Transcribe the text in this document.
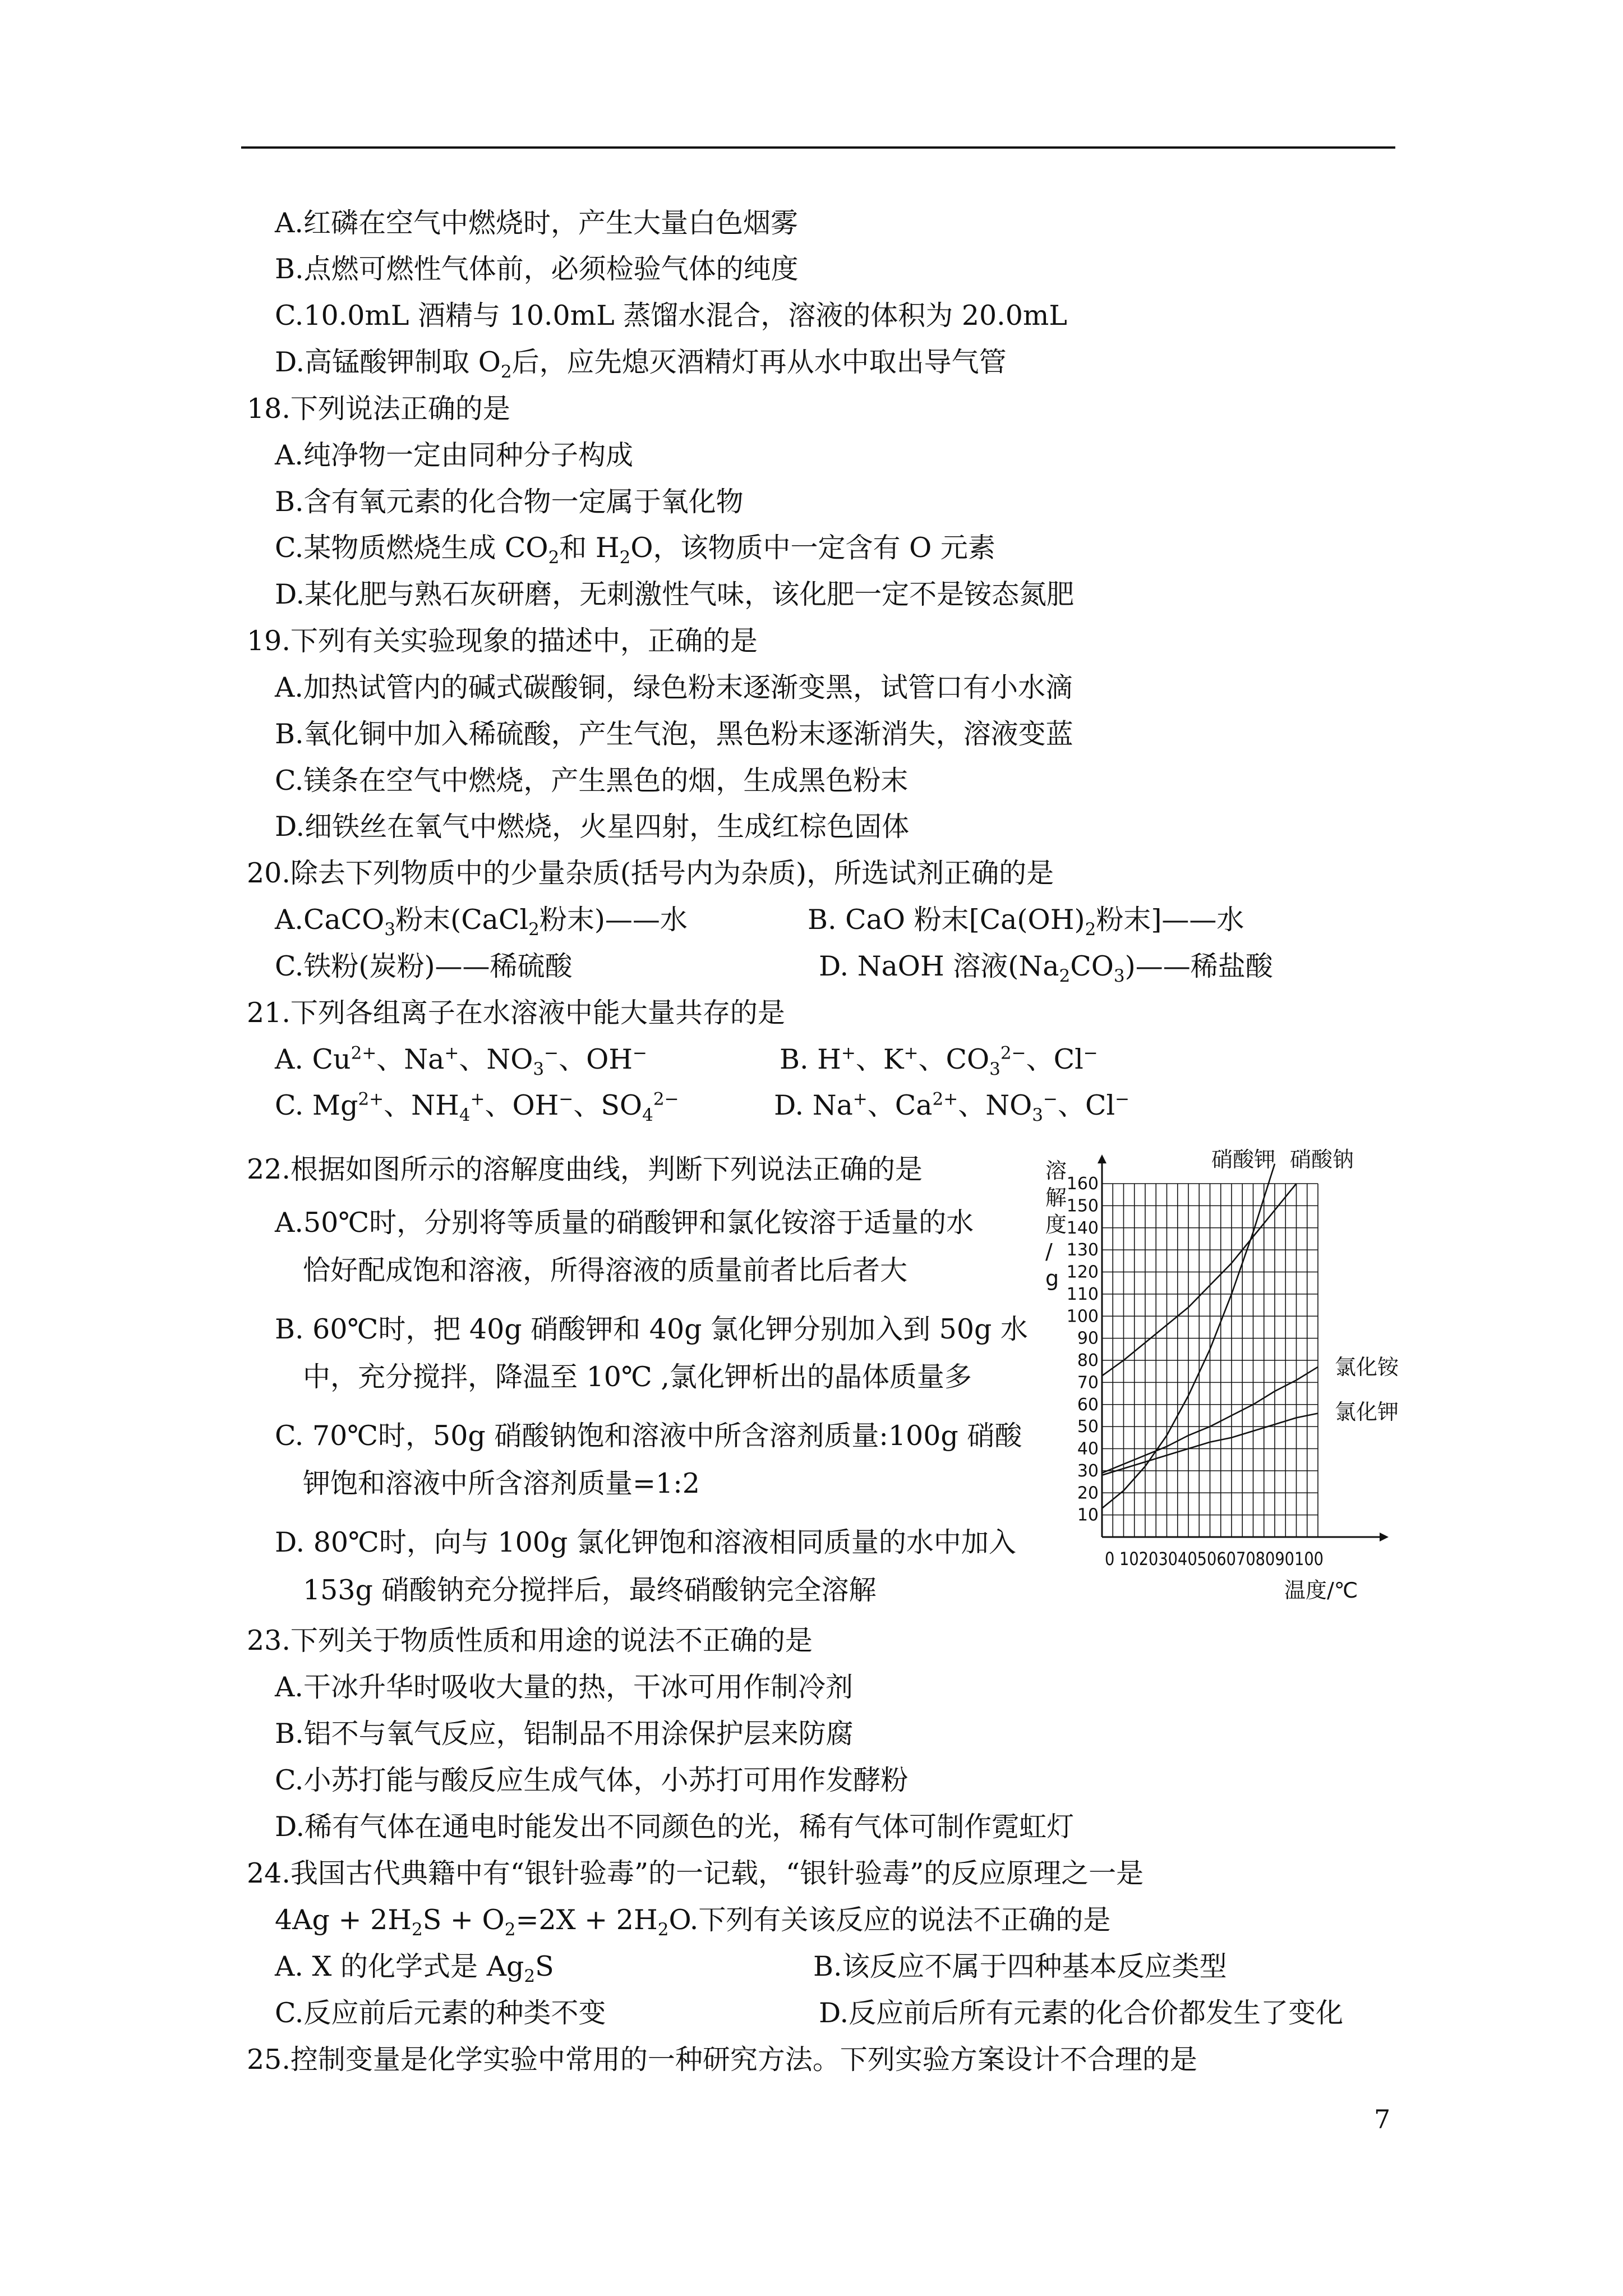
A.红磷在空气中燃烧时，产生大量白色烟雾
B.点燃可燃性气体前，必须检验气体的纯度
C.10.0mL 酒精与 10.0mL 蒸馏水混合，溶液的体积为 20.0mL
D.高锰酸钾制取 $O_2$后，应先熄灭酒精灯再从水中取出导气管
18.下列说法正确的是
A.纯净物一定由同种分子构成
B.含有氧元素的化合物一定属于氧化物
C.某物质燃烧生成 $CO_2$和 $H_2O$，该物质中一定含有 O 元素
D.某化肥与熟石灰研磨，无刺激性气味，该化肥一定不是铵态氮肥
19.下列有关实验现象的描述中，正确的是
A.加热试管内的碱式碳酸铜，绿色粉末逐渐变黑，试管口有小水滴
B.氧化铜中加入稀硫酸，产生气泡，黑色粉末逐渐消失，溶液变蓝
C.镁条在空气中燃烧，产生黑色的烟，生成黑色粉末
D.细铁丝在氧气中燃烧，火星四射，生成红棕色固体
20.除去下列物质中的少量杂质(括号内为杂质)，所选试剂正确的是
A.CaCO$_3$粉末(CaCl$_2$粉末)——水	B. CaO 粉末[$Ca(OH)_2$粉末]——水
C.铁粉(炭粉)——稀硫酸	D. NaOH 溶液$(Na_2CO_3)——$稀盐酸
21.下列各组离子在水溶液中能大量共存的是
A. $Cu^{2+}$、Na+、$NO_3^-$、OH−	B. H+、K+、$CO_3^{2-}$、Cl−
C. $Mg^{2+}$、$NH_4^+$、OH−、$SO_4^{2-}$	D. Na+、$Ca^{2+}$、$NO_3^-$、Cl−
22.根据如图所示的溶解度曲线，判断下列说法正确的是
A.50℃时，分别将等质量的硝酸钾和氯化铵溶于适量的水
恰好配成饱和溶液，所得溶液的质量前者比后者大
B. 60℃时，把 40g 硝酸钾和 40g 氯化钾分别加入到 50g 水
中，充分搅拌，降温至 10℃ ,氯化钾析出的晶体质量多
C. 70℃时，50g 硝酸钠饱和溶液中所含溶剂质量:100g 硝酸
钾饱和溶液中所含溶剂质量=1:2
D. 80℃时，向与 100g 氯化钾饱和溶液相同质量的水中加入
153g 硝酸钠充分搅拌后，最终硝酸钠完全溶解
10
20
30
40
50
60
70
80
90
100
110
120
130
140
150
160
0 102030405060708090100
温度/℃
硝酸钾 硝酸钠
氯化铵
氯化钾
溶
解
度
/
g
23.下列关于物质性质和用途的说法不正确的是
A.干冰升华时吸收大量的热，干冰可用作制冷剂
B.铝不与氧气反应，铝制品不用涂保护层来防腐
C.小苏打能与酸反应生成气体，小苏打可用作发酵粉
D.稀有气体在通电时能发出不同颜色的光，稀有气体可制作霓虹灯
24.我国古代典籍中有“银针验毒”的一记载，“银针验毒”的反应原理之一是
$4Ag + 2H_2S + O_2=2X + 2H_2O$.下列有关该反应的说法不正确的是
A. X 的化学式是 $Ag_2S$	B.该反应不属于四种基本反应类型
C.反应前后元素的种类不变	D.反应前后所有元素的化合价都发生了变化
25.控制变量是化学实验中常用的一种研究方法。下列实验方案设计不合理的是
7
